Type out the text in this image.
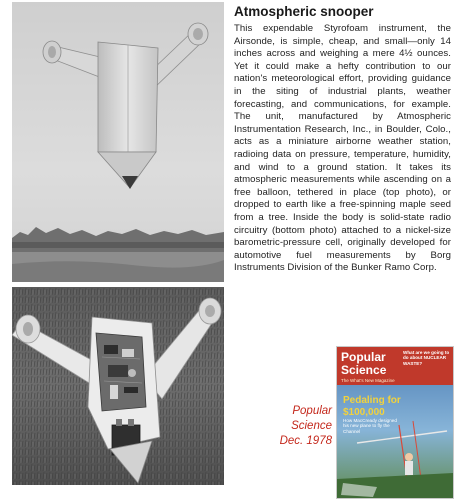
Atmospheric snooper

This expendable Styrofoam instrument, the Airsonde, is simple, cheap, and small—only 14 inches across and weighing a mere 4½ ounces. Yet it could make a hefty contribution to our nation's meteorological effort, providing guidance in the siting of industrial plants, weather forecasting, and communications, for example. The unit, manufactured by Atmospheric Instrumentation Research, Inc., in Boulder, Colo., acts as a miniature airborne weather station, radioing data on pressure, temperature, humidity, and wind to a ground station. It takes its atmospheric measurements while ascending on a free balloon, tethered in place (top photo), or dropped to earth like a free-spinning maple seed from a tree. Inside the body is solid-state radio circuitry (bottom photo) attached to a nickel-size barometric-pressure cell, originally developed for automotive fuel measurements by Borg Instruments Division of the Bunker Ramo Corp.

Popular
Science
Dec. 1978
Popular
Science
The What's New Magazine
What are we going to do about NUCLEAR WASTE?
Pedaling for
$100,000
How MacCready designed his new plane to fly the Channel
